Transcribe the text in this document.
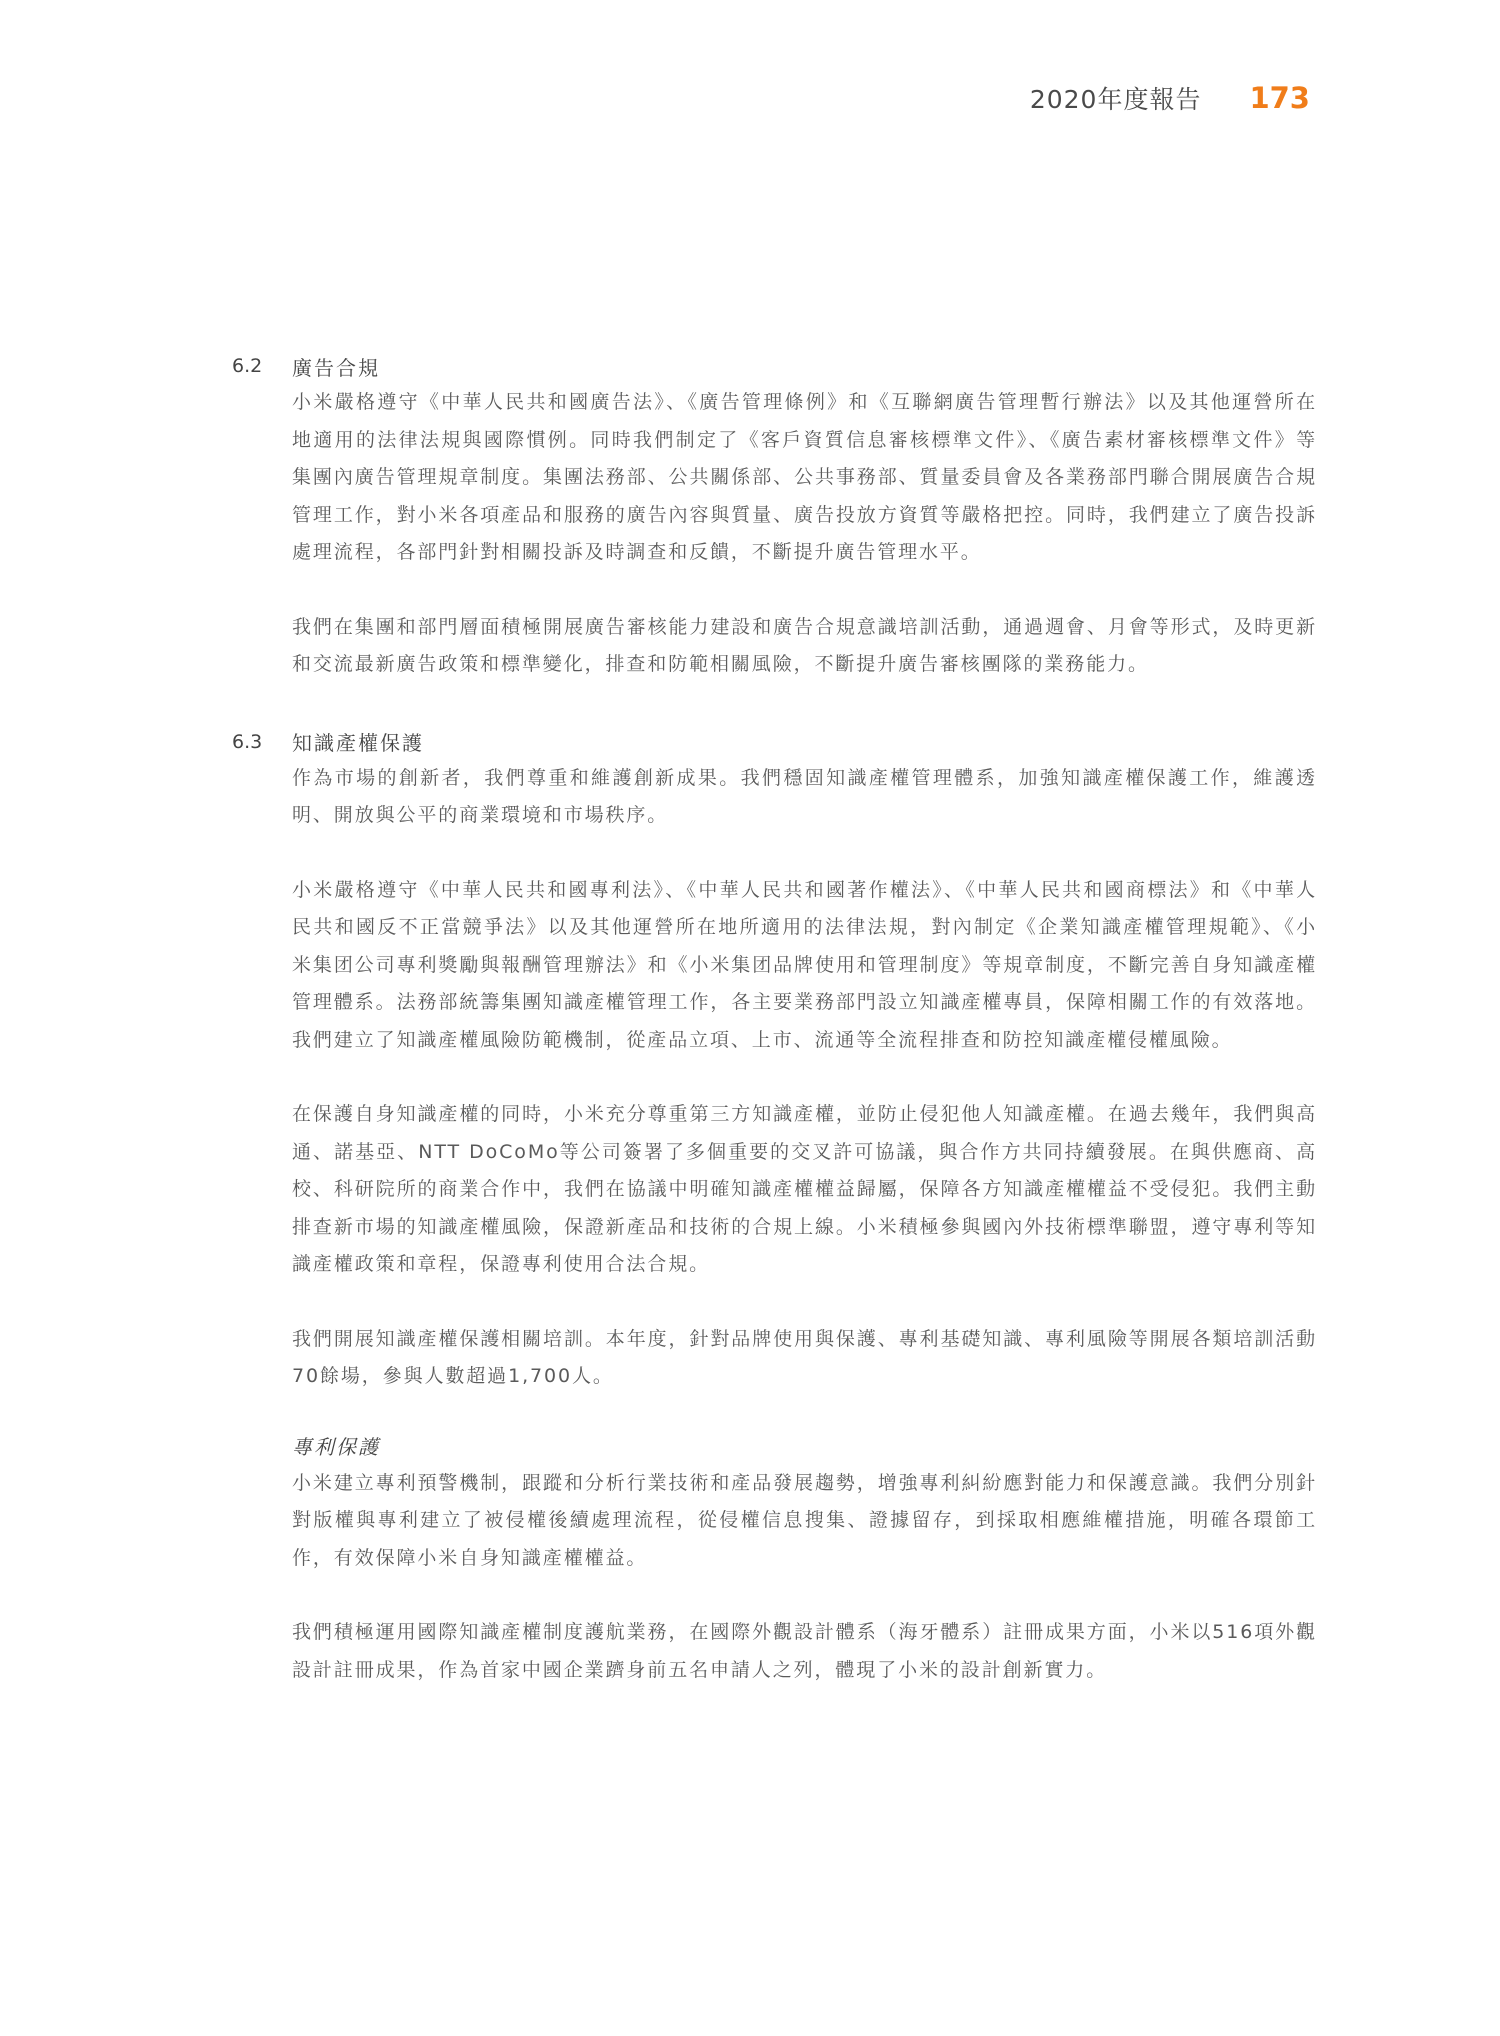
2020年度報告 173
6.2	廣告合規

小米嚴格遵守《中華人民共和國廣告法》、《廣告管理條例》和《互聯網廣告管理暫行辦法》以及其他運營所在地適用的法律法規與國際慣例。同時我們制定了《客戶資質信息審核標準文件》、《廣告素材審核標準文件》等集團內廣告管理規章制度。集團法務部、公共關係部、公共事務部、質量委員會及各業務部門聯合開展廣告合規管理工作，對小米各項產品和服務的廣告內容與質量、廣告投放方資質等嚴格把控。同時，我們建立了廣告投訴處理流程，各部門針對相關投訴及時調查和反饋，不斷提升廣告管理水平。

我們在集團和部門層面積極開展廣告審核能力建設和廣告合規意識培訓活動，通過週會、月會等形式，及時更新和交流最新廣告政策和標準變化，排查和防範相關風險，不斷提升廣告審核團隊的業務能力。

6.3	知識產權保護

作為市場的創新者，我們尊重和維護創新成果。我們穩固知識產權管理體系，加強知識產權保護工作，維護透明、開放與公平的商業環境和市場秩序。

小米嚴格遵守《中華人民共和國專利法》、《中華人民共和國著作權法》、《中華人民共和國商標法》和《中華人民共和國反不正當競爭法》以及其他運營所在地所適用的法律法規，對內制定《企業知識產權管理規範》、《小米集团公司專利獎勵與報酬管理辦法》和《小米集团品牌使用和管理制度》等規章制度，不斷完善自身知識產權管理體系。法務部統籌集團知識產權管理工作，各主要業務部門設立知識產權專員，保障相關工作的有效落地。我們建立了知識產權風險防範機制，從產品立項、上市、流通等全流程排查和防控知識產權侵權風險。

在保護自身知識產權的同時，小米充分尊重第三方知識產權，並防止侵犯他人知識產權。在過去幾年，我們與高通、諾基亞、NTT DoCoMo等公司簽署了多個重要的交叉許可協議，與合作方共同持續發展。在與供應商、高校、科研院所的商業合作中，我們在協議中明確知識產權權益歸屬，保障各方知識產權權益不受侵犯。我們主動排查新市場的知識產權風險，保證新產品和技術的合規上線。小米積極參與國內外技術標準聯盟，遵守專利等知識產權政策和章程，保證專利使用合法合規。

我們開展知識產權保護相關培訓。本年度，針對品牌使用與保護、專利基礎知識、專利風險等開展各類培訓活動70餘場，參與人數超過1,700人。

專利保護

小米建立專利預警機制，跟蹤和分析行業技術和產品發展趨勢，增強專利糾紛應對能力和保護意識。我們分別針對版權與專利建立了被侵權後續處理流程，從侵權信息搜集、證據留存，到採取相應維權措施，明確各環節工作，有效保障小米自身知識產權權益。

我們積極運用國際知識產權制度護航業務，在國際外觀設計體系（海牙體系）註冊成果方面，小米以516項外觀設計註冊成果，作為首家中國企業躋身前五名申請人之列，體現了小米的設計創新實力。
